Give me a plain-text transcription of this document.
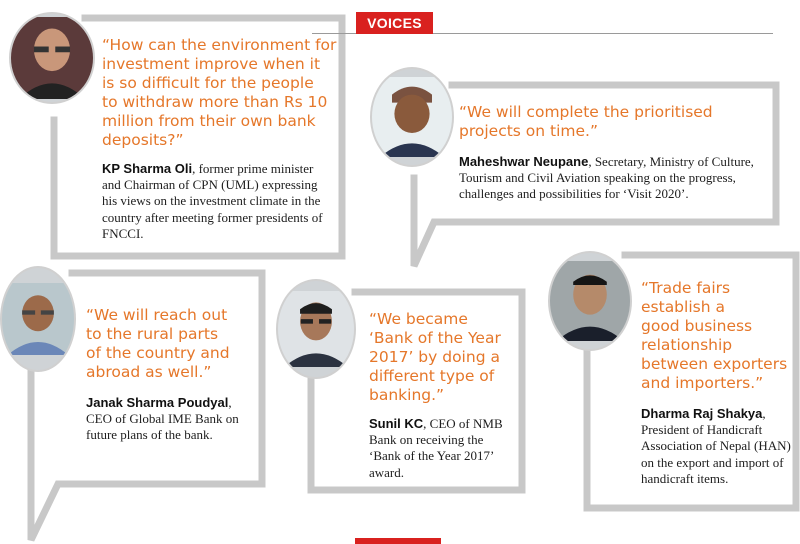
VOICES

“How can the environment for
investment improve when it
is so difficult for the people
to withdraw more than Rs 10
million from their own bank
deposits?”

KP Sharma Oli, former prime minister and Chairman of CPN (UML) expressing his views on the investment climate in the country after meeting former presidents of FNCCI.

“We will complete the prioritised
projects on time.”

Maheshwar Neupane, Secretary, Ministry of Culture, Tourism and Civil Aviation speaking on the progress, challenges and possibilities for ‘Visit 2020’.

“We will reach out
to the rural parts
of the country and
abroad as well.”

Janak Sharma Poudyal, CEO of Global IME Bank on future plans of the bank.

“We became
‘Bank of the Year
2017’ by doing a
different type of
banking.”

Sunil KC, CEO of NMB Bank on receiving the ‘Bank of the Year 2017’ award.

“Trade fairs
establish a
good business
relationship
between exporters
and importers.”

Dharma Raj Shakya, President of Handicraft Association of Nepal (HAN) on the export and import of handicraft items.
